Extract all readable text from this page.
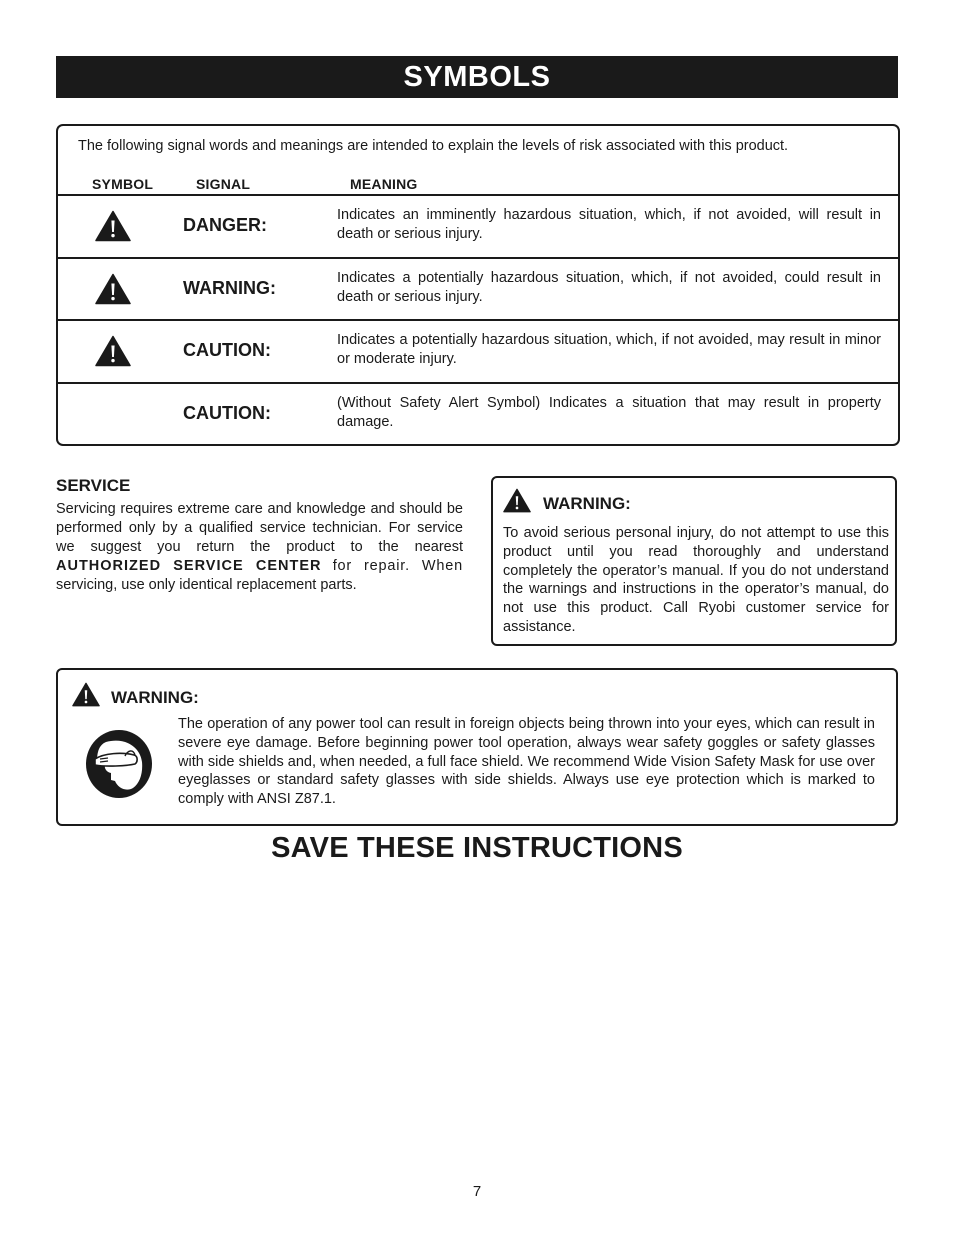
SYMBOLS
The following signal words and meanings are intended to explain the levels of risk associated with this product.
SYMBOL	SIGNAL	MEANING
DANGER:	Indicates an imminently hazardous situation, which, if not avoided, will result in death or serious injury.
WARNING:	Indicates a potentially hazardous situation, which, if not avoided, could result in death or serious injury.
CAUTION:	Indicates a potentially hazardous situation, which, if not avoided, may result in minor or moderate injury.
CAUTION:	(Without Safety Alert Symbol) Indicates a situation that may result in property damage.
SERVICE
Servicing requires extreme care and knowledge and should be performed only by a qualified service technician. For service we suggest you return the product to the nearest AUTHORIZED SERVICE CENTER for repair. When servicing, use only identical replacement parts.
WARNING:
To avoid serious personal injury, do not attempt to use this product until you read thoroughly and understand completely the operator’s manual. If you do not understand the warnings and instructions in the operator’s manual, do not use this product. Call Ryobi customer service for assistance.
WARNING:
The operation of any power tool can result in foreign objects being thrown into your eyes, which can result in severe eye damage. Before beginning power tool operation, always wear safety goggles or safety glasses with side shields and, when needed, a full face shield. We recommend Wide Vision Safety Mask for use over eyeglasses or standard safety glasses with side shields. Always use eye protection which is marked to comply with ANSI Z87.1.
SAVE THESE INSTRUCTIONS
7
